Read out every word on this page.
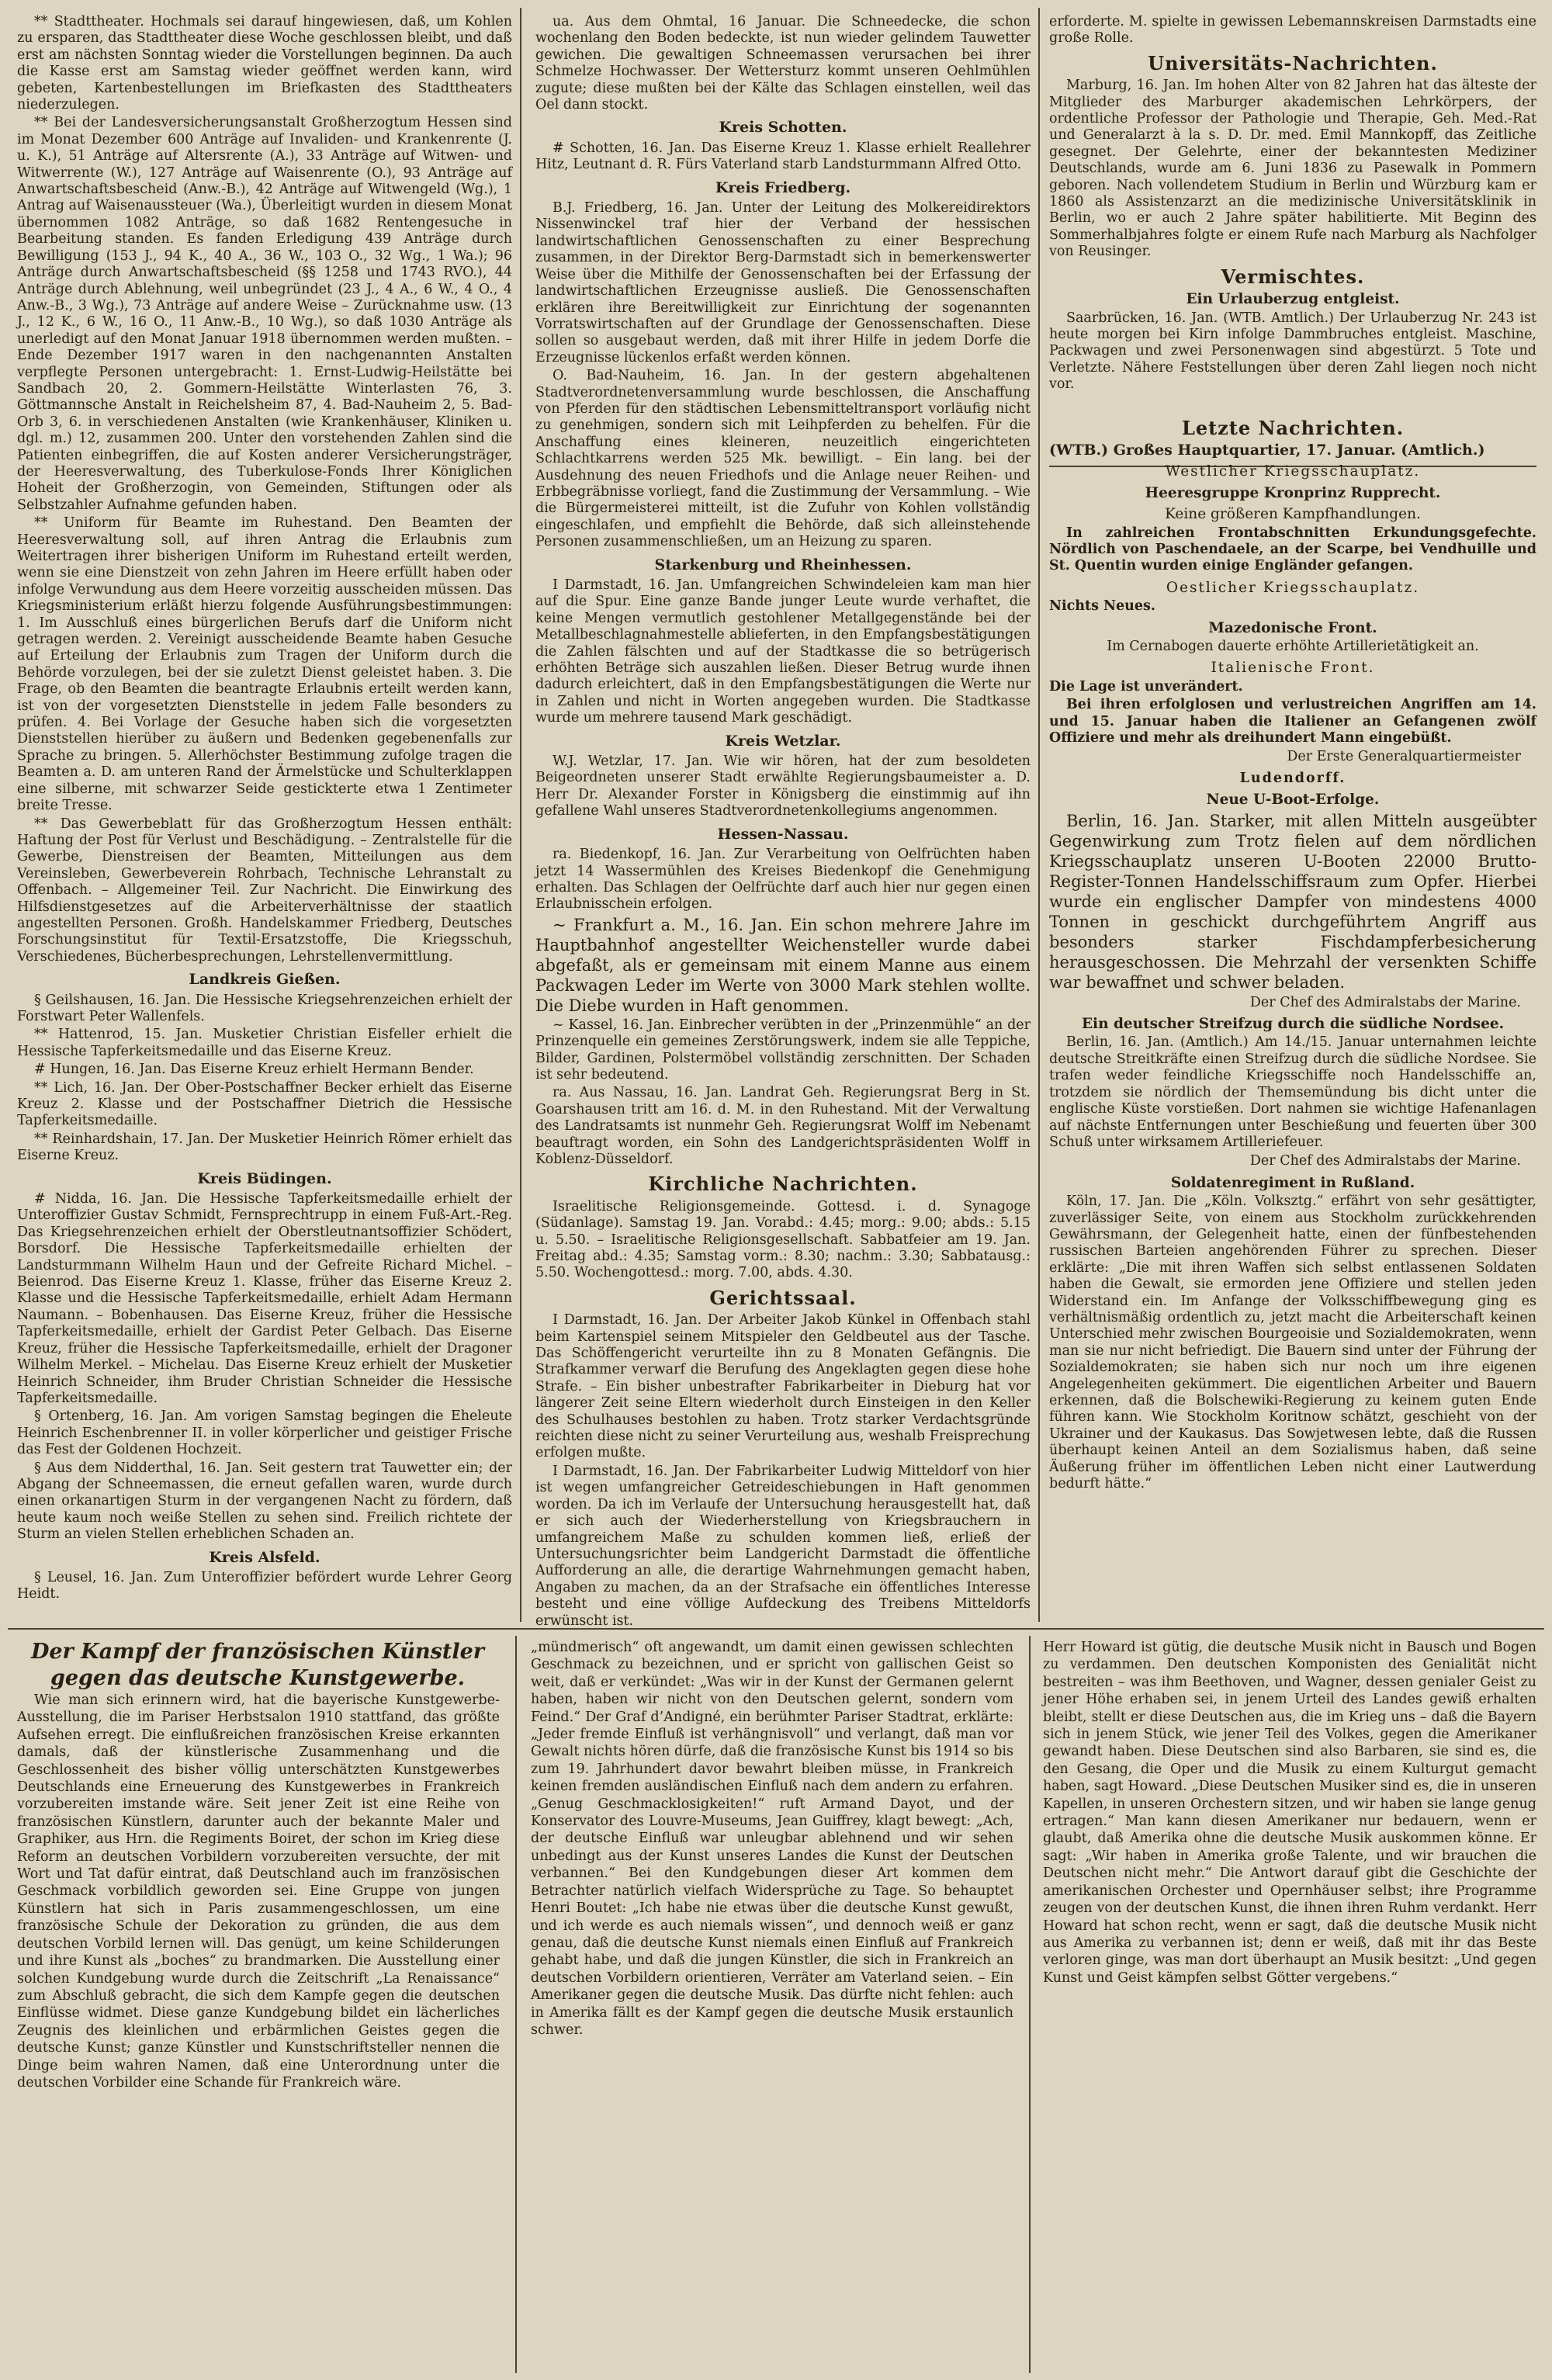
** Stadttheater. Hochmals sei darauf hingewiesen, daß, um Kohlen zu ersparen, das Stadttheater diese Woche geschlossen bleibt, und daß erst am nächsten Sonntag wieder die Vorstellungen beginnen. Da auch die Kasse erst am Samstag wieder geöffnet werden kann, wird gebeten, Kartenbestellungen im Briefkasten des Stadttheaters niederzulegen.

** Bei der Landesversicherungsanstalt Großherzogtum Hessen sind im Monat Dezember 600 Anträge auf Invaliden- und Krankenrente (J. u. K.), 51 Anträge auf Altersrente (A.), 33 Anträge auf Witwen- und Witwerrente (W.), 127 Anträge auf Waisenrente (O.), 93 Anträge auf Anwartschaftsbescheid (Anw.-B.), 42 Anträge auf Witwengeld (Wg.), 1 Antrag auf Waisenaussteuer (Wa.), Überleitigt wurden in diesem Monat übernommen 1082 Anträge, so daß 1682 Rentengesuche in Bearbeitung standen. Es fanden Erledigung 439 Anträge durch Bewilligung (153 J., 94 K., 40 A., 36 W., 103 O., 32 Wg., 1 Wa.); 96 Anträge durch Anwartschaftsbescheid (§§ 1258 und 1743 RVO.), 44 Anträge durch Ablehnung, weil unbegründet (23 J., 4 A., 6 W., 4 O., 4 Anw.-B., 3 Wg.), 73 Anträge auf andere Weise – Zurücknahme usw. (13 J., 12 K., 6 W., 16 O., 11 Anw.-B., 10 Wg.), so daß 1030 Anträge als unerledigt auf den Monat Januar 1918 übernommen werden mußten. – Ende Dezember 1917 waren in den nachgenannten Anstalten verpflegte Personen untergebracht: 1. Ernst-Ludwig-Heilstätte bei Sandbach 20, 2. Gommern-Heilstätte Winterlasten 76, 3. Göttmannsche Anstalt in Reichelsheim 87, 4. Bad-Nauheim 2, 5. Bad-Orb 3, 6. in verschiedenen Anstalten (wie Krankenhäuser, Kliniken u. dgl. m.) 12, zusammen 200. Unter den vorstehenden Zahlen sind die Patienten einbegriffen, die auf Kosten anderer Versicherungsträger, der Heeresverwaltung, des Tuberkulose-Fonds Ihrer Königlichen Hoheit der Großherzogin, von Gemeinden, Stiftungen oder als Selbstzahler Aufnahme gefunden haben.

** Uniform für Beamte im Ruhestand. Den Beamten der Heeresverwaltung soll, auf ihren Antrag die Erlaubnis zum Weitertragen ihrer bisherigen Uniform im Ruhestand erteilt werden, wenn sie eine Dienstzeit von zehn Jahren im Heere erfüllt haben oder infolge Verwundung aus dem Heere vorzeitig ausscheiden müssen. Das Kriegsministerium erläßt hierzu folgende Ausführungsbestimmungen: 1. Im Ausschluß eines bürgerlichen Berufs darf die Uniform nicht getragen werden. 2. Vereinigt ausscheidende Beamte haben Gesuche auf Erteilung der Erlaubnis zum Tragen der Uniform durch die Behörde vorzulegen, bei der sie zuletzt Dienst geleistet haben. 3. Die Frage, ob den Beamten die beantragte Erlaubnis erteilt werden kann, ist von der vorgesetzten Dienststelle in jedem Falle besonders zu prüfen. 4. Bei Vorlage der Gesuche haben sich die vorgesetzten Dienststellen hierüber zu äußern und Bedenken gegebenenfalls zur Sprache zu bringen. 5. Allerhöchster Bestimmung zufolge tragen die Beamten a. D. am unteren Rand der Ärmelstücke und Schulterklappen eine silberne, mit schwarzer Seide gestickterte etwa 1 Zentimeter breite Tresse.

** Das Gewerbeblatt für das Großherzogtum Hessen enthält: Haftung der Post für Verlust und Beschädigung. – Zentralstelle für die Gewerbe, Dienstreisen der Beamten, Mitteilungen aus dem Vereinsleben, Gewerbeverein Rohrbach, Technische Lehranstalt zu Offenbach. – Allgemeiner Teil. Zur Nachricht. Die Einwirkung des Hilfsdienstgesetzes auf die Arbeiterverhältnisse der staatlich angestellten Personen. Großh. Handelskammer Friedberg, Deutsches Forschungsinstitut für Textil-Ersatzstoffe, Die Kriegsschuh, Verschiedenes, Bücherbesprechungen, Lehrstellenvermittlung.

Landkreis Gießen.

§ Geilshausen, 16. Jan. Die Hessische Kriegsehrenzeichen erhielt der Forstwart Peter Wallenfels.

** Hattenrod, 15. Jan. Musketier Christian Eisfeller erhielt die Hessische Tapferkeitsmedaille und das Eiserne Kreuz.

# Hungen, 16. Jan. Das Eiserne Kreuz erhielt Hermann Bender.

** Lich, 16. Jan. Der Ober-Postschaffner Becker erhielt das Eiserne Kreuz 2. Klasse und der Postschaffner Dietrich die Hessische Tapferkeitsmedaille.

** Reinhardshain, 17. Jan. Der Musketier Heinrich Römer erhielt das Eiserne Kreuz.

Kreis Büdingen.

# Nidda, 16. Jan. Die Hessische Tapferkeitsmedaille erhielt der Unteroffizier Gustav Schmidt, Fernsprechtrupp in einem Fuß-Art.-Reg. Das Kriegsehrenzeichen erhielt der Oberstleutnantsoffizier Schödert, Borsdorf. Die Hessische Tapferkeitsmedaille erhielten der Landsturmmann Wilhelm Haun und der Gefreite Richard Michel. – Beienrod. Das Eiserne Kreuz 1. Klasse, früher das Eiserne Kreuz 2. Klasse und die Hessische Tapferkeitsmedaille, erhielt Adam Hermann Naumann. – Bobenhausen. Das Eiserne Kreuz, früher die Hessische Tapferkeitsmedaille, erhielt der Gardist Peter Gelbach. Das Eiserne Kreuz, früher die Hessische Tapferkeitsmedaille, erhielt der Dragoner Wilhelm Merkel. – Michelau. Das Eiserne Kreuz erhielt der Musketier Heinrich Schneider, ihm Bruder Christian Schneider die Hessische Tapferkeitsmedaille.

§ Ortenberg, 16. Jan. Am vorigen Samstag begingen die Eheleute Heinrich Eschenbrenner II. in voller körperlicher und geistiger Frische das Fest der Goldenen Hochzeit.

§ Aus dem Nidderthal, 16. Jan. Seit gestern trat Tauwetter ein; der Abgang der Schneemassen, die erneut gefallen waren, wurde durch einen orkanartigen Sturm in der vergangenen Nacht zu fördern, daß heute kaum noch weiße Stellen zu sehen sind. Freilich richtete der Sturm an vielen Stellen erheblichen Schaden an.

Kreis Alsfeld.

§ Leusel, 16. Jan. Zum Unteroffizier befördert wurde Lehrer Georg Heidt.

ua. Aus dem Ohmtal, 16 Januar. Die Schneedecke, die schon wochenlang den Boden bedeckte, ist nun wieder gelindem Tauwetter gewichen. Die gewaltigen Schneemassen verursachen bei ihrer Schmelze Hochwasser. Der Wettersturz kommt unseren Oehlmühlen zugute; diese mußten bei der Kälte das Schlagen einstellen, weil das Oel dann stockt.

Kreis Schotten.

# Schotten, 16. Jan. Das Eiserne Kreuz 1. Klasse erhielt Reallehrer Hitz, Leutnant d. R. Fürs Vaterland starb Landsturmmann Alfred Otto.

Kreis Friedberg.

B.J. Friedberg, 16. Jan. Unter der Leitung des Molkereidirektors Nissenwinckel traf hier der Verband der hessischen landwirtschaftlichen Genossenschaften zu einer Besprechung zusammen, in der Direktor Berg-Darmstadt sich in bemerkenswerter Weise über die Mithilfe der Genossenschaften bei der Erfassung der landwirtschaftlichen Erzeugnisse ausließ. Die Genossenschaften erklären ihre Bereitwilligkeit zur Einrichtung der sogenannten Vorratswirtschaften auf der Grundlage der Genossenschaften. Diese sollen so ausgebaut werden, daß mit ihrer Hilfe in jedem Dorfe die Erzeugnisse lückenlos erfaßt werden können.

O. Bad-Nauheim, 16. Jan. In der gestern abgehaltenen Stadtverordnetenversammlung wurde beschlossen, die Anschaffung von Pferden für den städtischen Lebensmitteltransport vorläufig nicht zu genehmigen, sondern sich mit Leihpferden zu behelfen. Für die Anschaffung eines kleineren, neuzeitlich eingerichteten Schlachtkarrens werden 525 Mk. bewilligt. – Ein lang. bei der Ausdehnung des neuen Friedhofs und die Anlage neuer Reihen- und Erbbegräbnisse vorliegt, fand die Zustimmung der Versammlung. – Wie die Bürgermeisterei mitteilt, ist die Zufuhr von Kohlen vollständig eingeschlafen, und empfiehlt die Behörde, daß sich alleinstehende Personen zusammenschließen, um an Heizung zu sparen.

Starkenburg und Rheinhessen.

I Darmstadt, 16. Jan. Umfangreichen Schwindeleien kam man hier auf die Spur. Eine ganze Bande junger Leute wurde verhaftet, die keine Mengen vermutlich gestohlener Metallgegenstände bei der Metallbeschlagnahmestelle ablieferten, in den Empfangsbestätigungen die Zahlen fälschten und auf der Stadtkasse die so betrügerisch erhöhten Beträge sich auszahlen ließen. Dieser Betrug wurde ihnen dadurch erleichtert, daß in den Empfangsbestätigungen die Werte nur in Zahlen und nicht in Worten angegeben wurden. Die Stadtkasse wurde um mehrere tausend Mark geschädigt.

Kreis Wetzlar.

W.J. Wetzlar, 17. Jan. Wie wir hören, hat der zum besoldeten Beigeordneten unserer Stadt erwählte Regierungsbaumeister a. D. Herr Dr. Alexander Forster in Königsberg die einstimmig auf ihn gefallene Wahl unseres Stadtverordnetenkollegiums angenommen.

Hessen-Nassau.

ra. Biedenkopf, 16. Jan. Zur Verarbeitung von Oelfrüchten haben jetzt 14 Wassermühlen des Kreises Biedenkopf die Genehmigung erhalten. Das Schlagen der Oelfrüchte darf auch hier nur gegen einen Erlaubnisschein erfolgen.

~ Frankfurt a. M., 16. Jan. Ein schon mehrere Jahre im Hauptbahnhof angestellter Weichensteller wurde dabei abgefaßt, als er gemeinsam mit einem Manne aus einem Packwagen Leder im Werte von 3000 Mark stehlen wollte. Die Diebe wurden in Haft genommen.

~ Kassel, 16. Jan. Einbrecher verübten in der „Prinzenmühle“ an der Prinzenquelle ein gemeines Zerstörungswerk, indem sie alle Teppiche, Bilder, Gardinen, Polstermöbel vollständig zerschnitten. Der Schaden ist sehr bedeutend.

ra. Aus Nassau, 16. Jan. Landrat Geh. Regierungsrat Berg in St. Goarshausen tritt am 16. d. M. in den Ruhestand. Mit der Verwaltung des Landratsamts ist nunmehr Geh. Regierungsrat Wolff im Nebenamt beauftragt worden, ein Sohn des Landgerichtspräsidenten Wolff in Koblenz-Düsseldorf.

Kirchliche Nachrichten.

Israelitische Religionsgemeinde. Gottesd. i. d. Synagoge (Südanlage). Samstag 19. Jan. Vorabd.: 4.45; morg.: 9.00; abds.: 5.15 u. 5.50. – Israelitische Religionsgesellschaft. Sabbatfeier am 19. Jan. Freitag abd.: 4.35; Samstag vorm.: 8.30; nachm.: 3.30; Sabbatausg.: 5.50. Wochengottesd.: morg. 7.00, abds. 4.30.

Gerichtssaal.

I Darmstadt, 16. Jan. Der Arbeiter Jakob Künkel in Offenbach stahl beim Kartenspiel seinem Mitspieler den Geldbeutel aus der Tasche. Das Schöffengericht verurteilte ihn zu 8 Monaten Gefängnis. Die Strafkammer verwarf die Berufung des Angeklagten gegen diese hohe Strafe. – Ein bisher unbestrafter Fabrikarbeiter in Dieburg hat vor längerer Zeit seine Eltern wiederholt durch Einsteigen in den Keller des Schulhauses bestohlen zu haben. Trotz starker Verdachtsgründe reichten diese nicht zu seiner Verurteilung aus, weshalb Freisprechung erfolgen mußte.

I Darmstadt, 16. Jan. Der Fabrikarbeiter Ludwig Mitteldorf von hier ist wegen umfangreicher Getreideschiebungen in Haft genommen worden. Da ich im Verlaufe der Untersuchung herausgestellt hat, daß er sich auch der Wiederherstellung von Kriegsbrauchern in umfangreichem Maße zu schulden kommen ließ, erließ der Untersuchungsrichter beim Landgericht Darmstadt die öffentliche Aufforderung an alle, die derartige Wahrnehmungen gemacht haben, Angaben zu machen, da an der Strafsache ein öffentliches Interesse besteht und eine völlige Aufdeckung des Treibens Mitteldorfs erwünscht ist.

erforderte. M. spielte in gewissen Lebemannskreisen Darmstadts eine große Rolle.

Universitäts-Nachrichten.

Marburg, 16. Jan. Im hohen Alter von 82 Jahren hat das älteste der Mitglieder des Marburger akademischen Lehrkörpers, der ordentliche Professor der Pathologie und Therapie, Geh. Med.-Rat und Generalarzt à la s. D. Dr. med. Emil Mannkopff, das Zeitliche gesegnet. Der Gelehrte, einer der bekanntesten Mediziner Deutschlands, wurde am 6. Juni 1836 zu Pasewalk in Pommern geboren. Nach vollendetem Studium in Berlin und Würzburg kam er 1860 als Assistenzarzt an die medizinische Universitätsklinik in Berlin, wo er auch 2 Jahre später habilitierte. Mit Beginn des Sommerhalbjahres folgte er einem Rufe nach Marburg als Nachfolger von Reusinger.

Vermischtes.
Ein Urlauberzug entgleist.

Saarbrücken, 16. Jan. (WTB. Amtlich.) Der Urlauberzug Nr. 243 ist heute morgen bei Kirn infolge Dammbruches entgleist. Maschine, Packwagen und zwei Personenwagen sind abgestürzt. 5 Tote und Verletzte. Nähere Feststellungen über deren Zahl liegen noch nicht vor.

Letzte Nachrichten.

(WTB.) Großes Hauptquartier, 17. Januar. (Amtlich.)

Westlicher Kriegsschauplatz.
Heeresgruppe Kronprinz Rupprecht.
Keine größeren Kampfhandlungen.

In zahlreichen Frontabschnitten Erkundungsgefechte. Nördlich von Paschendaele, an der Scarpe, bei Vendhuille und St. Quentin wurden einige Engländer gefangen.

Oestlicher Kriegsschauplatz.

Nichts Neues.

Mazedonische Front.

Im Cernabogen dauerte erhöhte Artillerietätigkeit an.

Italienische Front.

Die Lage ist unverändert.

Bei ihren erfolglosen und verlustreichen Angriffen am 14. und 15. Januar haben die Italiener an Gefangenen zwölf Offiziere und mehr als dreihundert Mann eingebüßt.

Der Erste Generalquartiermeister
Ludendorff.
Neue U-Boot-Erfolge.

Berlin, 16. Jan. Starker, mit allen Mitteln ausgeübter Gegenwirkung zum Trotz fielen auf dem nördlichen Kriegsschauplatz unseren U-Booten 22000 Brutto-Register-Tonnen Handelsschiffsraum zum Opfer. Hierbei wurde ein englischer Dampfer von mindestens 4000 Tonnen in geschickt durchgeführtem Angriff aus besonders starker Fischdampferbesicherung herausgeschossen. Die Mehrzahl der versenkten Schiffe war bewaffnet und schwer beladen.

Der Chef des Admiralstabs der Marine.
Ein deutscher Streifzug durch die südliche Nordsee.

Berlin, 16. Jan. (Amtlich.) Am 14./15. Januar unternahmen leichte deutsche Streitkräfte einen Streifzug durch die südliche Nordsee. Sie trafen weder feindliche Kriegsschiffe noch Handelsschiffe an, trotzdem sie nördlich der Themsemündung bis dicht unter die englische Küste vorstießen. Dort nahmen sie wichtige Hafenanlagen auf nächste Entfernungen unter Beschießung und feuerten über 300 Schuß unter wirksamem Artilleriefeuer.

Der Chef des Admiralstabs der Marine.
Soldatenregiment in Rußland.

Köln, 17. Jan. Die „Köln. Volksztg.“ erfährt von sehr gesättigter, zuverlässiger Seite, von einem aus Stockholm zurückkehrenden Gewährsmann, der Gelegenheit hatte, einen der fünfbestehenden russischen Barteien angehörenden Führer zu sprechen. Dieser erklärte: „Die mit ihren Waffen sich selbst entlassenen Soldaten haben die Gewalt, sie ermorden jene Offiziere und stellen jeden Widerstand ein. Im Anfange der Volksschiffbewegung ging es verhältnismäßig ordentlich zu, jetzt macht die Arbeiterschaft keinen Unterschied mehr zwischen Bourgeoisie und Sozialdemokraten, wenn man sie nur nicht befriedigt. Die Bauern sind unter der Führung der Sozialdemokraten; sie haben sich nur noch um ihre eigenen Angelegenheiten gekümmert. Die eigentlichen Arbeiter und Bauern erkennen, daß die Bolschewiki-Regierung zu keinem guten Ende führen kann. Wie Stockholm Koritnow schätzt, geschieht von der Ukrainer und der Kaukasus. Das Sowjetwesen lebte, daß die Russen überhaupt keinen Anteil an dem Sozialismus haben, daß seine Äußerung früher im öffentlichen Leben nicht einer Lautwerdung bedurft hätte.“

Der Kampf der französischen Künstler gegen das deutsche Kunstgewerbe.

Wie man sich erinnern wird, hat die bayerische Kunstgewerbe-Ausstellung, die im Pariser Herbstsalon 1910 stattfand, das größte Aufsehen erregt. Die einflußreichen französischen Kreise erkannten damals, daß der künstlerische Zusammenhang und die Geschlossenheit des bisher völlig unterschätzten Kunstgewerbes Deutschlands eine Erneuerung des Kunstgewerbes in Frankreich vorzubereiten imstande wäre. Seit jener Zeit ist eine Reihe von französischen Künstlern, darunter auch der bekannte Maler und Graphiker, aus Hrn. die Regiments Boiret, der schon im Krieg diese Reform an deutschen Vorbildern vorzubereiten versuchte, der mit Wort und Tat dafür eintrat, daß Deutschland auch im französischen Geschmack vorbildlich geworden sei. Eine Gruppe von jungen Künstlern hat sich in Paris zusammengeschlossen, um eine französische Schule der Dekoration zu gründen, die aus dem deutschen Vorbild lernen will. Das genügt, um keine Schilderungen und ihre Kunst als „boches“ zu brandmarken. Die Ausstellung einer solchen Kundgebung wurde durch die Zeitschrift „La Renaissance“ zum Abschluß gebracht, die sich dem Kampfe gegen die deutschen Einflüsse widmet. Diese ganze Kundgebung bildet ein lächerliches Zeugnis des kleinlichen und erbärmlichen Geistes gegen die deutsche Kunst; ganze Künstler und Kunstschriftsteller nennen die Dinge beim wahren Namen, daß eine Unterordnung unter die deutschen Vorbilder eine Schande für Frankreich wäre.

„mündmerisch“ oft angewandt, um damit einen gewissen schlechten Geschmack zu bezeichnen, und er spricht von gallischen Geist so weit, daß er verkündet: „Was wir in der Kunst der Germanen gelernt haben, haben wir nicht von den Deutschen gelernt, sondern vom Feind.“ Der Graf d’Andigné, ein berühmter Pariser Stadtrat, erklärte: „Jeder fremde Einfluß ist verhängnisvoll“ und verlangt, daß man vor Gewalt nichts hören dürfe, daß die französische Kunst bis 1914 so bis zum 19. Jahrhundert davor bewahrt bleiben müsse, in Frankreich keinen fremden ausländischen Einfluß nach dem andern zu erfahren. „Genug Geschmacklosigkeiten!“ ruft Armand Dayot, und der Konservator des Louvre-Museums, Jean Guiffrey, klagt bewegt: „Ach, der deutsche Einfluß war unleugbar ablehnend und wir sehen unbedingt aus der Kunst unseres Landes die Kunst der Deutschen verbannen.“ Bei den Kundgebungen dieser Art kommen dem Betrachter natürlich vielfach Widersprüche zu Tage. So behauptet Henri Boutet: „Ich habe nie etwas über die deutsche Kunst gewußt, und ich werde es auch niemals wissen“, und dennoch weiß er ganz genau, daß die deutsche Kunst niemals einen Einfluß auf Frankreich gehabt habe, und daß die jungen Künstler, die sich in Frankreich an deutschen Vorbildern orientieren, Verräter am Vaterland seien. – Ein Amerikaner gegen die deutsche Musik. Das dürfte nicht fehlen: auch in Amerika fällt es der Kampf gegen die deutsche Musik erstaunlich schwer.

Herr Howard ist gütig, die deutsche Musik nicht in Bausch und Bogen zu verdammen. Den deutschen Komponisten des Genialität nicht bestreiten – was ihm Beethoven, und Wagner, dessen genialer Geist zu jener Höhe erhaben sei, in jenem Urteil des Landes gewiß erhalten bleibt, stellt er diese Deutschen aus, die im Krieg uns – daß die Bayern sich in jenem Stück, wie jener Teil des Volkes, gegen die Amerikaner gewandt haben. Diese Deutschen sind also Barbaren, sie sind es, die den Gesang, die Oper und die Musik zu einem Kulturgut gemacht haben, sagt Howard. „Diese Deutschen Musiker sind es, die in unseren Kapellen, in unseren Orchestern sitzen, und wir haben sie lange genug ertragen.“ Man kann diesen Amerikaner nur bedauern, wenn er glaubt, daß Amerika ohne die deutsche Musik auskommen könne. Er sagt: „Wir haben in Amerika große Talente, und wir brauchen die Deutschen nicht mehr.“ Die Antwort darauf gibt die Geschichte der amerikanischen Orchester und Opernhäuser selbst; ihre Programme zeugen von der deutschen Kunst, die ihnen ihren Ruhm verdankt. Herr Howard hat schon recht, wenn er sagt, daß die deutsche Musik nicht aus Amerika zu verbannen ist; denn er weiß, daß mit ihr das Beste verloren ginge, was man dort überhaupt an Musik besitzt: „Und gegen Kunst und Geist kämpfen selbst Götter vergebens.“
